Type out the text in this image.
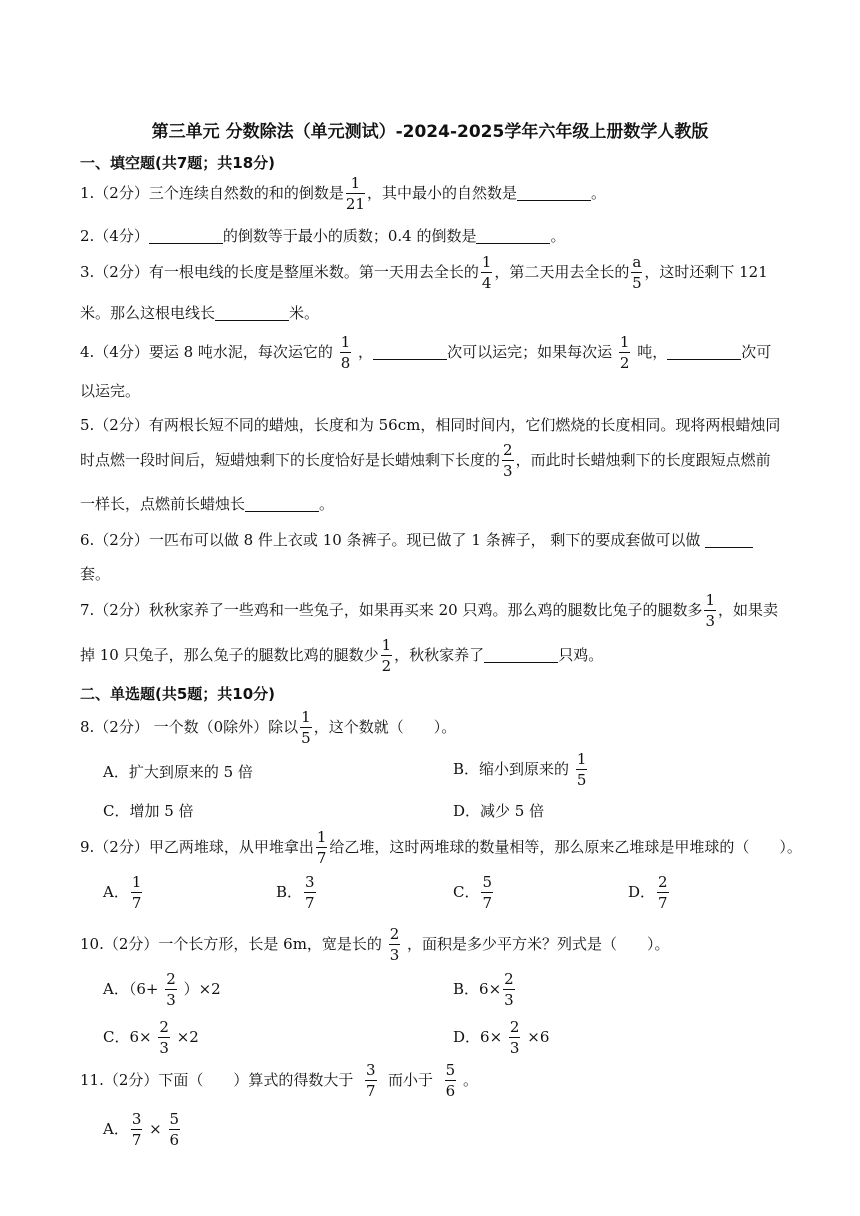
第三单元 分数除法（单元测试）-2024-2025学年六年级上册数学人教版
一、填空题(共7题；共18分)
1.（2分）三个连续自然数的和的倒数是 $\frac{1}{21}$ ，其中最小的自然数是	。
2.（4分）	的倒数等于最小的质数；0.4 的倒数是	。
3.（2分）有一根电线的长度是整厘米数。第一天用去全长的 $\frac{1}{4}$ ，第二天用去全长的 $\frac{a}{5}$ ，这时还剩下 121
米。那么这根电线长	米。
4.（4分）要运 8 吨水泥，每次运它的 $\frac{1}{8}$ ，	次可以运完；如果每次运 $\frac{1}{2}$ 吨，	次可
以运完。
5.（2分）有两根长短不同的蜡烛，长度和为 56cm，相同时间内，它们燃烧的长度相同。现将两根蜡烛同
时点燃一段时间后，短蜡烛剩下的长度恰好是长蜡烛剩下长度的 $\frac{2}{3}$ ，而此时长蜡烛剩下的长度跟短点燃前
一样长，点燃前长蜡烛长	。
6.（2分）一匹布可以做 8 件上衣或 10 条裤子。现已做了 1 条裤子， 剩下的要成套做可以做
套。
7.（2分）秋秋家养了一些鸡和一些兔子，如果再买来 20 只鸡。那么鸡的腿数比兔子的腿数多 $\frac{1}{3}$ ，如果卖
掉 10 只兔子，那么兔子的腿数比鸡的腿数少 $\frac{1}{2}$ ，秋秋家养了	只鸡。
二、单选题(共5题；共10分)
8.（2分） 一个数（0除外）除以 $\frac{1}{5}$ ，这个数就（　　）。
A．扩大到原来的 5 倍	B．缩小到原来的 $\frac{1}{5}$
C．增加 5 倍	D．减少 5 倍
9.（2分）甲乙两堆球，从甲堆拿出 $\frac{1}{7}$ 给乙堆，这时两堆球的数量相等，那么原来乙堆球是甲堆球的（　　）。
A． $\frac{1}{7}$	B． $\frac{3}{7}$	C． $\frac{5}{7}$	D． $\frac{2}{7}$
10.（2分）一个长方形，长是 6m，宽是长的 $\frac{2}{3}$ ，面积是多少平方米？列式是（　　）。
A．$(6+ \frac{2}{3} )\times 2$	B．$6\times \frac{2}{3}$
C．$6\times \frac{2}{3} \times 2$	D．$6\times \frac{2}{3} \times 6$
11.（2分）下面（　　）算式的得数大于 $\frac{3}{7}$ 而小于 $\frac{5}{6}$ 。
A． $\frac{3}{7} \times \frac{5}{6}$
